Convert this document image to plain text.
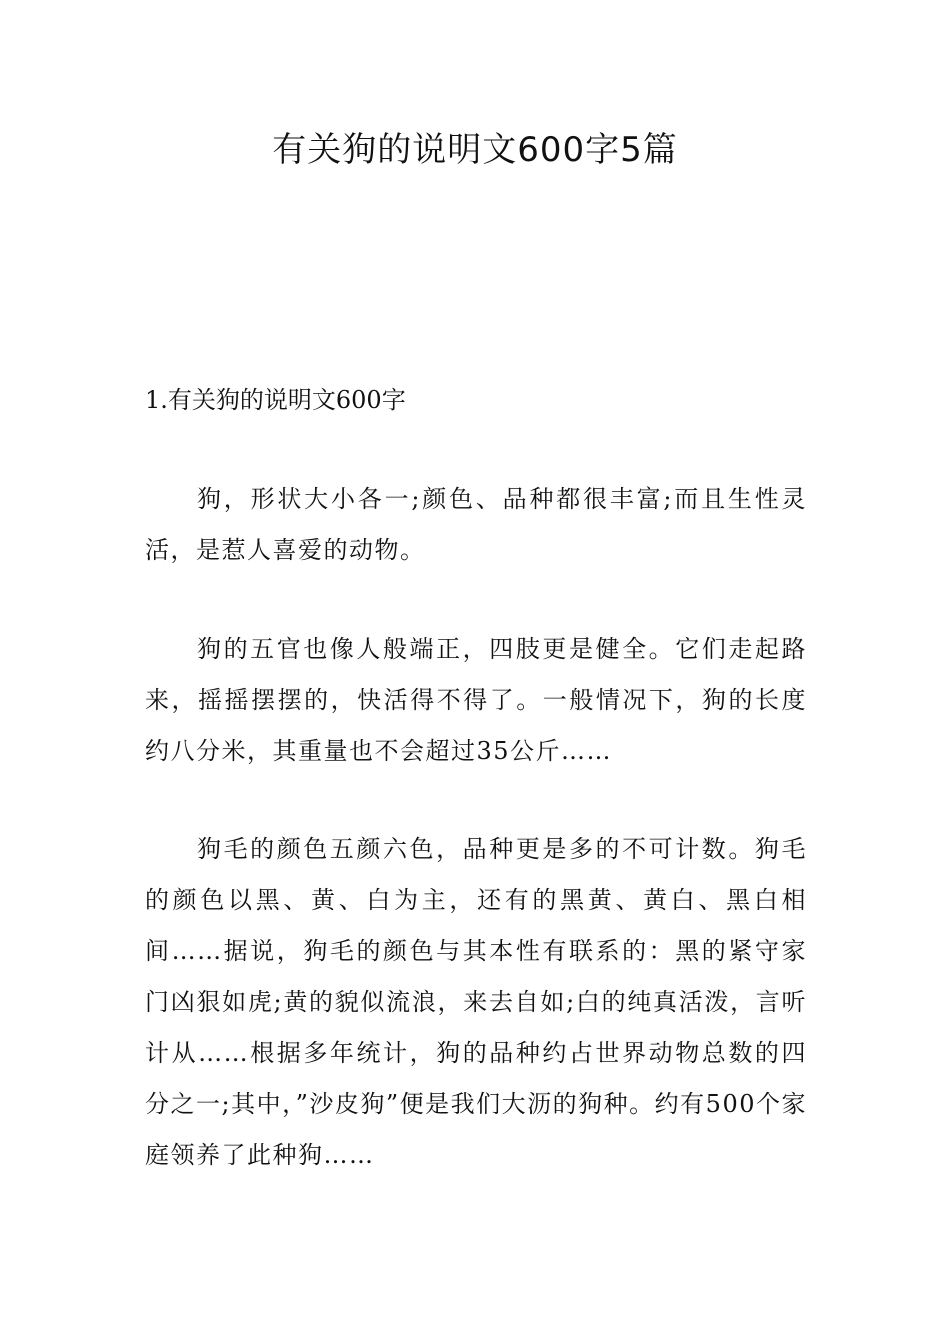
有关狗的说明文600字5篇
1.有关狗的说明文600字

狗，形状大小各一;颜色、品种都很丰富;而且生性灵活，是惹人喜爱的动物。

狗的五官也像人般端正，四肢更是健全。它们走起路来，摇摇摆摆的，快活得不得了。一般情况下，狗的长度约八分米，其重量也不会超过35公斤……

狗毛的颜色五颜六色，品种更是多的不可计数。狗毛的颜色以黑、黄、白为主，还有的黑黄、黄白、黑白相间……据说，狗毛的颜色与其本性有联系的：黑的紧守家门凶狠如虎;黄的貌似流浪，来去自如;白的纯真活泼，言听计从……根据多年统计，狗的品种约占世界动物总数的四分之一;其中，”沙皮狗”便是我们大沥的狗种。约有500个家庭领养了此种狗……
